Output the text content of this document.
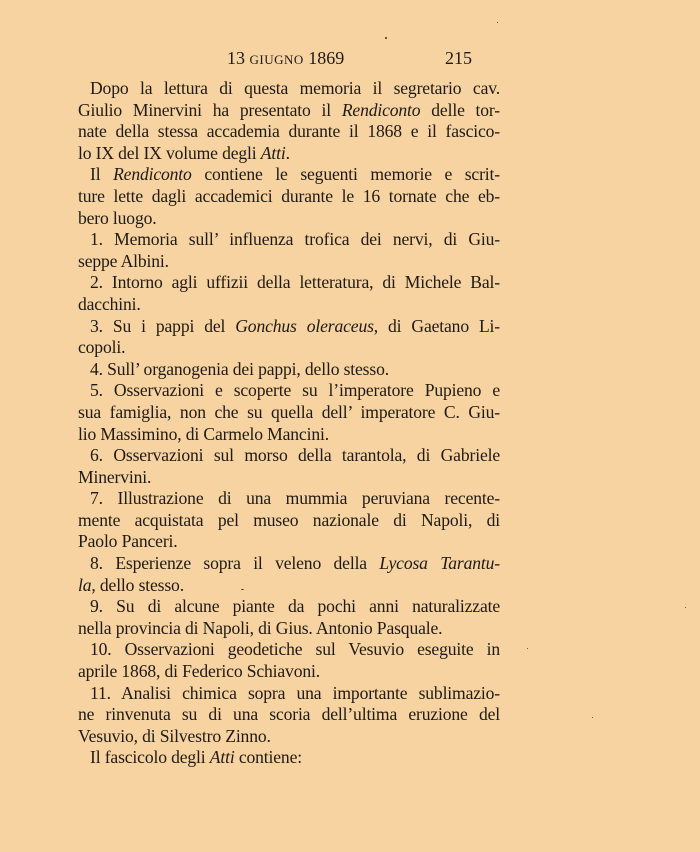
13 GIUGNO 1869	215
Dopo la lettura di questa memoria il segretario cav.
Giulio Minervini ha presentato il Rendiconto delle tor-
nate della stessa accademia durante il 1868 e il fascico-
lo IX del IX volume degli Atti.
Il Rendiconto contiene le seguenti memorie e scrit-
ture lette dagli accademici durante le 16 tornate che eb-
bero luogo.
1. Memoria sull’ influenza trofica dei nervi, di Giu-
seppe Albini.
2. Intorno agli uffizii della letteratura, di Michele Bal-
dacchini.
3. Su i pappi del Gonchus oleraceus, di Gaetano Li-
copoli.
4. Sull’ organogenia dei pappi, dello stesso.
5. Osservazioni e scoperte su l’imperatore Pupieno e
sua famiglia, non che su quella dell’ imperatore C. Giu-
lio Massimino, di Carmelo Mancini.
6. Osservazioni sul morso della tarantola, di Gabriele
Minervini.
7. Illustrazione di una mummia peruviana recente-
mente acquistata pel museo nazionale di Napoli, di
Paolo Panceri.
8. Esperienze sopra il veleno della Lycosa Tarantu-
la, dello stesso.
9. Su di alcune piante da pochi anni naturalizzate
nella provincia di Napoli, di Gius. Antonio Pasquale.
10. Osservazioni geodetiche sul Vesuvio eseguite in
aprile 1868, di Federico Schiavoni.
11. Analisi chimica sopra una importante sublimazio-
ne rinvenuta su di una scoria dell’ultima eruzione del
Vesuvio, di Silvestro Zinno.
Il fascicolo degli Atti contiene:
